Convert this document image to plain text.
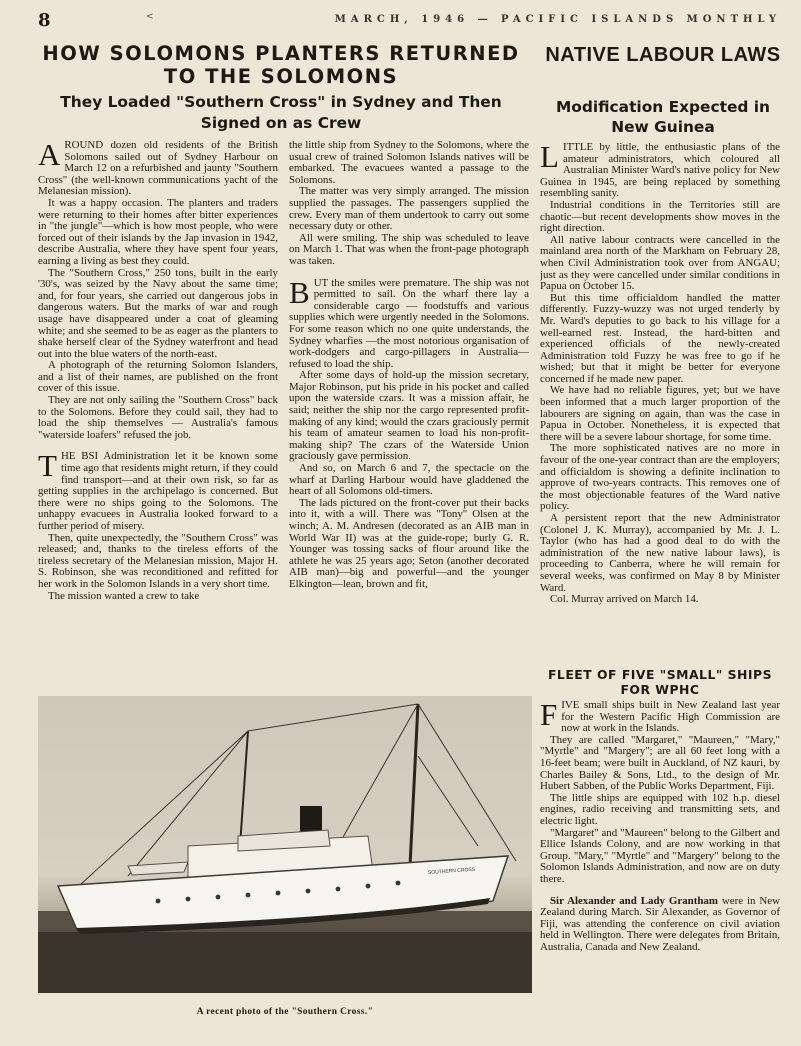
8	<	MARCH, 1946 — PACIFIC ISLANDS MONTHLY
HOW SOLOMONS PLANTERS RETURNED TO THE SOLOMONS
They Loaded "Southern Cross" in Sydney and Then Signed on as Crew
NATIVE LABOUR LAWS
Modification Expected in New Guinea

AROUND dozen old residents of the British Solomons sailed out of Sydney Harbour on March 12 on a refurbished and jaunty "Southern Cross" (the well-known communications yacht of the Melanesian mission).

It was a happy occasion. The planters and traders were returning to their homes after bitter experiences in "the jungle"—which is how most people, who were forced out of their islands by the Jap invasion in 1942, describe Australia, where they have spent four years, earning a living as best they could.

The "Southern Cross," 250 tons, built in the early '30's, was seized by the Navy about the same time; and, for four years, she carried out dangerous jobs in dangerous waters. But the marks of war and rough usage have disappeared under a coat of gleaming white; and she seemed to be as eager as the planters to shake herself clear of the Sydney waterfront and head out into the blue waters of the north-east.

A photograph of the returning Solomon Islanders, and a list of their names, are published on the front cover of this issue.

They are not only sailing the "Southern Cross" back to the Solomons. Before they could sail, they had to load the ship themselves — Australia's famous "waterside loafers" refused the job.

THE BSI Administration let it be known some time ago that residents might return, if they could find transport—and at their own risk, so far as getting supplies in the archipelago is concerned. But there were no ships going to the Solomons. The unhappy evacuees in Australia looked forward to a further period of misery.

Then, quite unexpectedly, the "Southern Cross" was released; and, thanks to the tireless efforts of the tireless secretary of the Melanesian mission, Major H. S. Robinson, she was reconditioned and refitted for her work in the Solomon Islands in a very short time.

The mission wanted a crew to take

the little ship from Sydney to the Solomons, where the usual crew of trained Solomon Islands natives will be embarked. The evacuees wanted a passage to the Solomons.

The matter was very simply arranged. The mission supplied the passages. The passengers supplied the crew. Every man of them undertook to carry out some necessary duty or other.

All were smiling. The ship was scheduled to leave on March 1. That was when the front-page photograph was taken.

BUT the smiles were premature. The ship was not permitted to sail. On the wharf there lay a considerable cargo — foodstuffs and various supplies which were urgently needed in the Solomons. For some reason which no one quite understands, the Sydney wharfies —the most notorious organisation of work-dodgers and cargo-pillagers in Australia—refused to load the ship.

After some days of hold-up the mission secretary, Major Robinson, put his pride in his pocket and called upon the waterside czars. It was a mission affair, he said; neither the ship nor the cargo represented profit-making of any kind; would the czars graciously permit his team of amateur seamen to load his non-profit-making ship? The czars of the Waterside Union graciously gave permission.

And so, on March 6 and 7, the spectacle on the wharf at Darling Harbour would have gladdened the heart of all Solomons old-timers.

The lads pictured on the front-cover put their backs into it, with a will. There was "Tony" Olsen at the winch; A. M. Andresen (decorated as an AIB man in World War II) was at the guide-rope; burly G. R. Younger was tossing sacks of flour around like the athlete he was 25 years ago; Seton (another decorated AIB man)—big and powerful—and the younger Elkington—lean, brown and fit,

LITTLE by little, the enthusiastic plans of the amateur administrators, which coloured all Australian Minister Ward's native policy for New Guinea in 1945, are being replaced by something resembling sanity.

Industrial conditions in the Territories still are chaotic—but recent developments show moves in the right direction.

All native labour contracts were cancelled in the mainland area north of the Markham on February 28, when Civil Administration took over from ANGAU; just as they were cancelled under similar conditions in Papua on October 15.

But this time officialdom handled the matter differently. Fuzzy-wuzzy was not urged tenderly by Mr. Ward's deputies to go back to his village for a well-earned rest. Instead, the hard-bitten and experienced officials of the newly-created Administration told Fuzzy he was free to go if he wished; but that it might be better for everyone concerned if he made new paper.

We have had no reliable figures, yet; but we have been informed that a much larger proportion of the labourers are signing on again, than was the case in Papua in October. Nonetheless, it is expected that there will be a severe labour shortage, for some time.

The more sophisticated natives are no more in favour of the one-year contract than are the employers; and officialdom is showing a definite inclination to approve of two-years contracts. This removes one of the most objectionable features of the Ward native policy.

A persistent report that the new Administrator (Colonel J. K. Murray), accompanied by Mr. J. L. Taylor (who has had a good deal to do with the administration of the new native labour laws), is proceeding to Canberra, where he will remain for several weeks, was confirmed on May 8 by Minister Ward.

Col. Murray arrived on March 14.

FLEET OF FIVE "SMALL" SHIPS FOR WPHC

FIVE small ships built in New Zealand last year for the Western Pacific High Commission are now at work in the Islands.

They are called "Margaret," "Maureen," "Mary," "Myrtle" and "Margery"; are all 60 feet long with a 16-feet beam; were built in Auckland, of NZ kauri, by Charles Bailey & Sons, Ltd., to the design of Mr. Hubert Sabben, of the Public Works Department, Fiji.

The little ships are equipped with 102 h.p. diesel engines, radio receiving and transmitting sets, and electric light.

"Margaret" and "Maureen" belong to the Gilbert and Ellice Islands Colony, and are now working in that Group. "Mary," "Myrtle" and "Margery" belong to the Solomon Islands Administration, and now are on duty there.

Sir Alexander and Lady Grantham were in New Zealand during March. Sir Alexander, as Governor of Fiji, was attending the conference on civil aviation held in Wellington. There were delegates from Britain, Australia, Canada and New Zealand.

SOUTHERN CROSS
A recent photo of the "Southern Cross."
